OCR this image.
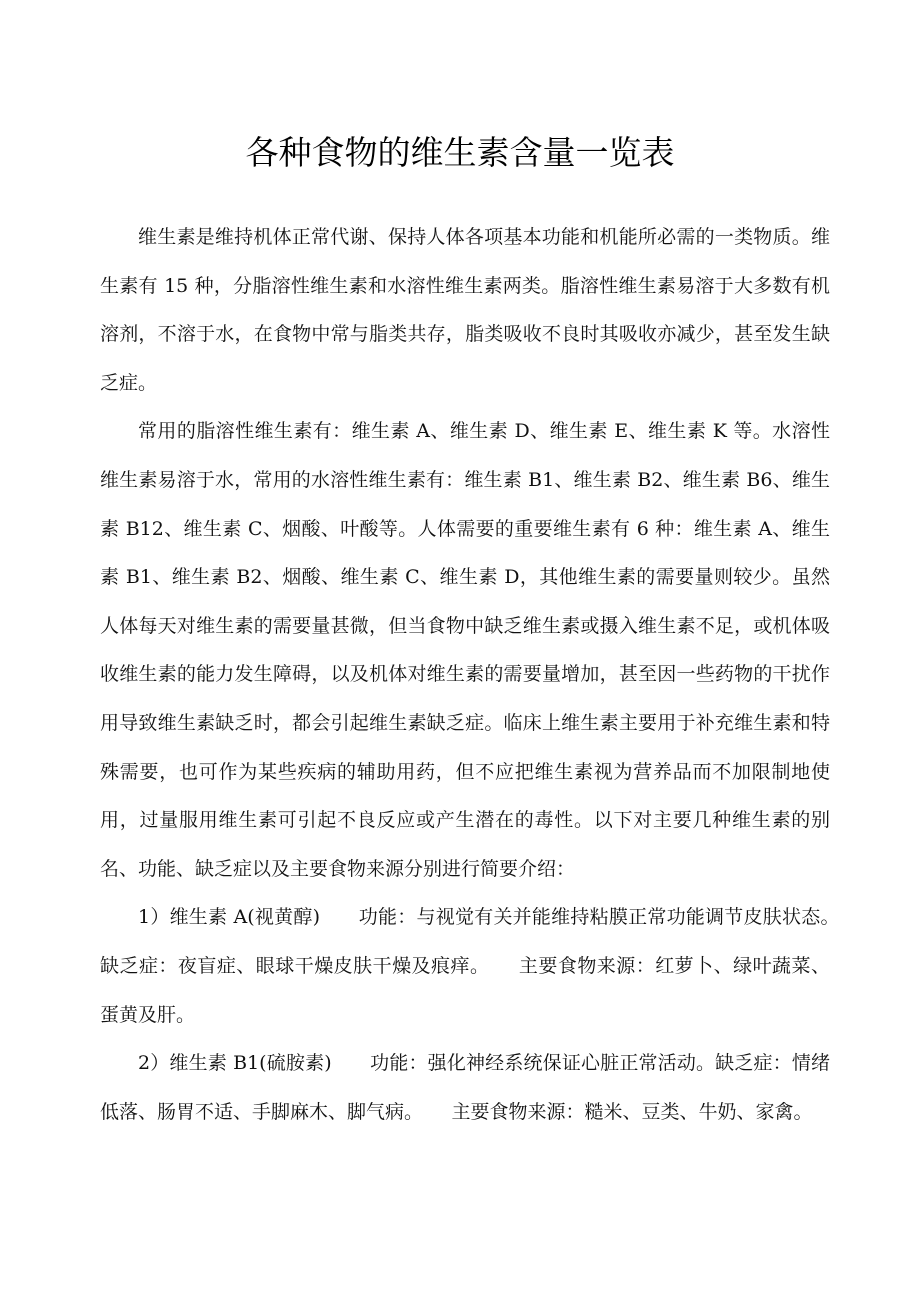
各种食物的维生素含量一览表

维生素是维持机体正常代谢、保持人体各项基本功能和机能所必需的一类物质。维生素有 15 种，分脂溶性维生素和水溶性维生素两类。脂溶性维生素易溶于大多数有机溶剂，不溶于水，在食物中常与脂类共存，脂类吸收不良时其吸收亦减少，甚至发生缺乏症。

常用的脂溶性维生素有：维生素 A、维生素 D、维生素 E、维生素 K 等。水溶性维生素易溶于水，常用的水溶性维生素有：维生素 B1、维生素 B2、维生素 B6、维生素 B12、维生素 C、烟酸、叶酸等。人体需要的重要维生素有 6 种：维生素 A、维生素 B1、维生素 B2、烟酸、维生素 C、维生素 D，其他维生素的需要量则较少。虽然人体每天对维生素的需要量甚微，但当食物中缺乏维生素或摄入维生素不足，或机体吸收维生素的能力发生障碍，以及机体对维生素的需要量增加，甚至因一些药物的干扰作用导致维生素缺乏时，都会引起维生素缺乏症。临床上维生素主要用于补充维生素和特殊需要，也可作为某些疾病的辅助用药，但不应把维生素视为营养品而不加限制地使用，过量服用维生素可引起不良反应或产生潜在的毒性。以下对主要几种维生素的别名、功能、缺乏症以及主要食物来源分别进行简要介绍：

1）维生素 A(视黄醇)　　功能：与视觉有关并能维持粘膜正常功能调节皮肤状态。　　缺乏症：夜盲症、眼球干燥皮肤干燥及痕痒。　　主要食物来源：红萝卜、绿叶蔬菜、蛋黄及肝。

2）维生素 B1(硫胺素)　　功能：强化神经系统保证心脏正常活动。缺乏症：情绪低落、肠胃不适、手脚麻木、脚气病。　　主要食物来源：糙米、豆类、牛奶、家禽。
